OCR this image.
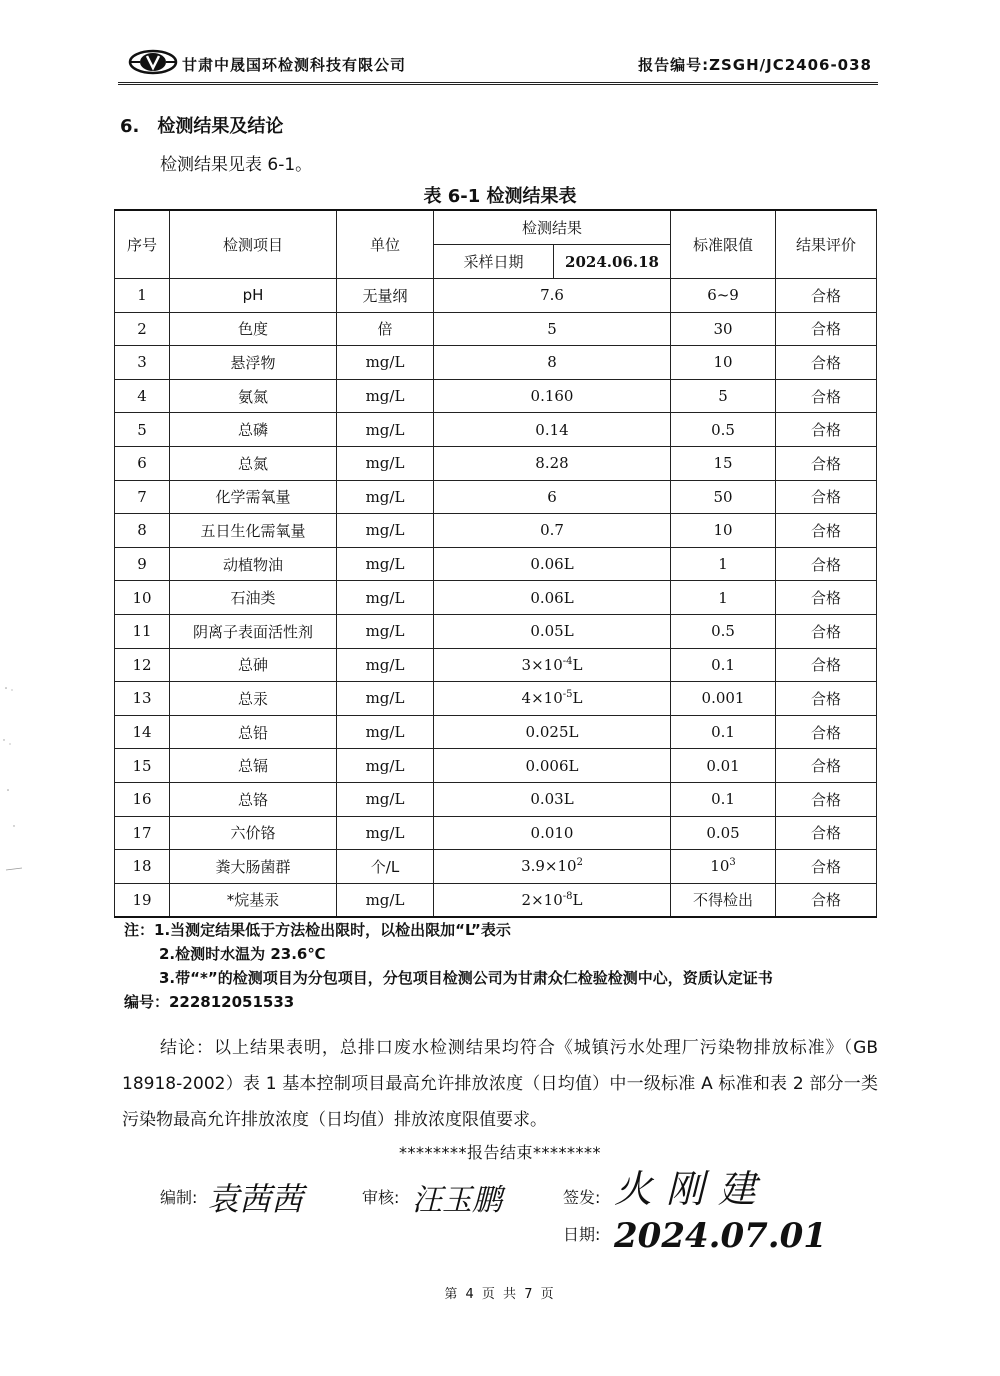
甘肃中晟国环检测科技有限公司	报告编号:ZSGH/JC2406-038
6. 检测结果及结论
检测结果见表 6-1。
表 6-1 检测结果表
序号	检测项目	单位	检测结果		标准限值	结果评价
			采样日期	2024.06.18		
1	pH	无量纲	7.6		6~9	合格
2	色度	倍	5		30	合格
3	悬浮物	mg/L	8		10	合格
4	氨氮	mg/L	0.160		5	合格
5	总磷	mg/L	0.14		0.5	合格
6	总氮	mg/L	8.28		15	合格
7	化学需氧量	mg/L	6		50	合格
8	五日生化需氧量	mg/L	0.7		10	合格
9	动植物油	mg/L	0.06L		1	合格
10	石油类	mg/L	0.06L		1	合格
11	阴离子表面活性剂	mg/L	0.05L		0.5	合格
12	总砷	mg/L	$3\times 10^{-4}L$		0.1	合格
13	总汞	mg/L	$4\times 10^{-5}L$		0.001	合格
14	总铅	mg/L	0.025L		0.1	合格
15	总镉	mg/L	0.006L		0.01	合格
16	总铬	mg/L	0.03L		0.1	合格
17	六价铬	mg/L	0.010		0.05	合格
18	粪大肠菌群	个/L	$3.9\times 10^2$		$10^3$	合格
19	*烷基汞	mg/L	$2\times 10^{-8}L$		不得检出	合格
注：1.当测定结果低于方法检出限时，以检出限加“L”表示
2.检测时水温为 23.6℃
3.带“*”的检测项目为分包项目，分包项目检测公司为甘肃众仁检验检测中心，资质认定证书
编号：222812051533
结论：以上结果表明，总排口废水检测结果均符合《城镇污水处理厂污染物排放标准》（GB 18918-2002）表 1 基本控制项目最高允许排放浓度（日均值）中一级标准 A 标准和表 2 部分一类污染物最高允许排放浓度（日均值）排放浓度限值要求。
********报告结束********
编制: 袁茜茜	审核: 汪玉鹏	签发: 火刚建
日期: 2024.07.01
第 4 页 共 7 页
